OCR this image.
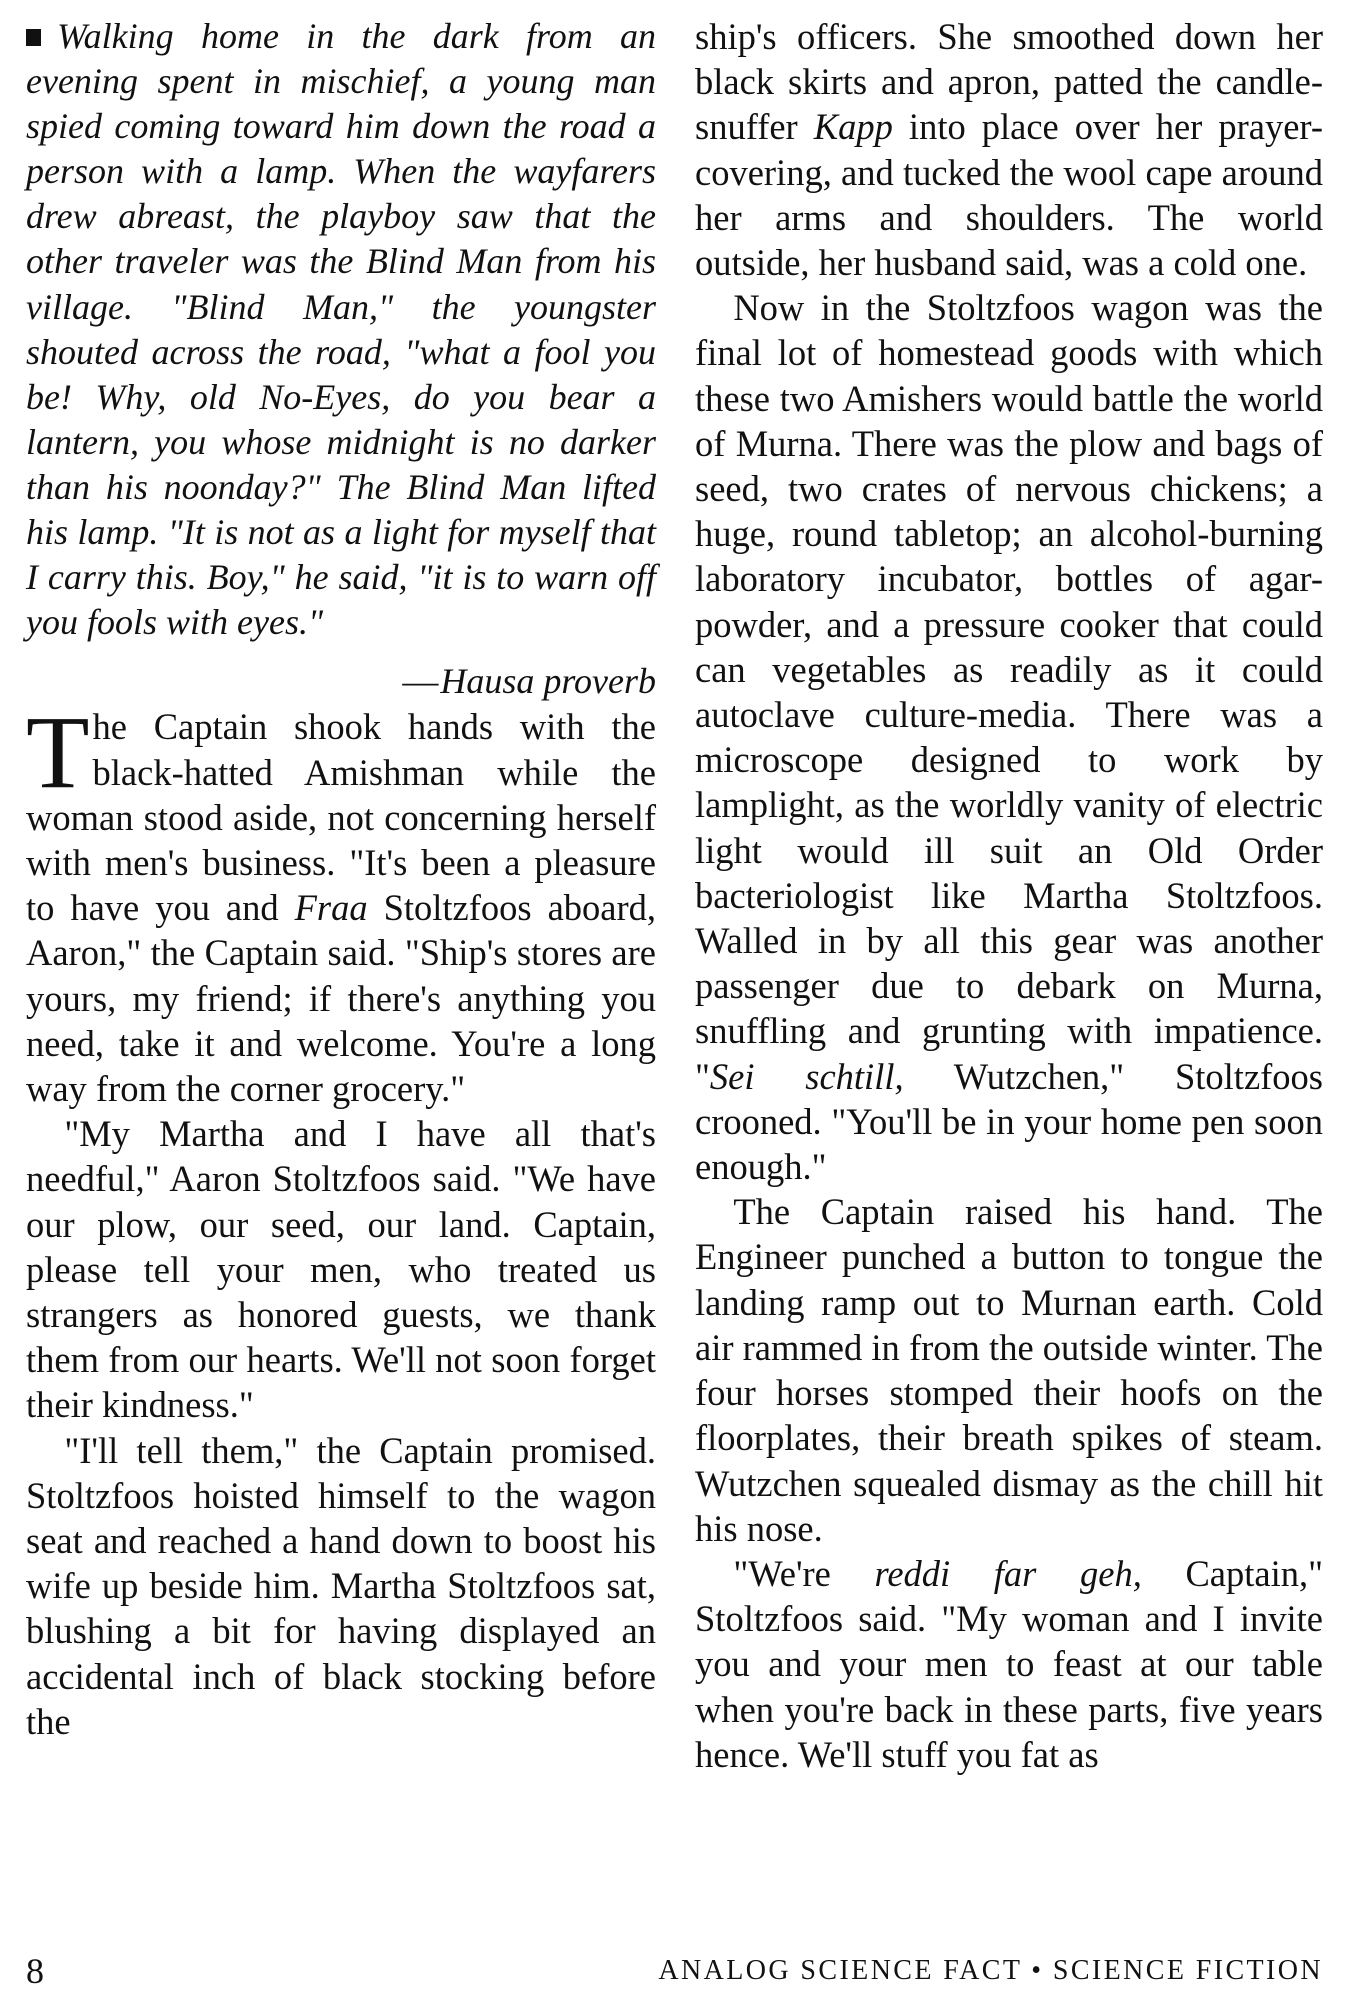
Walking home in the dark from an evening spent in mischief, a young man spied coming toward him down the road a person with a lamp. When the wayfarers drew abreast, the playboy saw that the other traveler was the Blind Man from his village. "Blind Man," the youngster shouted across the road, "what a fool you be! Why, old No-Eyes, do you bear a lantern, you whose midnight is no darker than his noonday?" The Blind Man lifted his lamp. "It is not as a light for myself that I carry this. Boy," he said, "it is to warn off you fools with eyes."
—Hausa proverb

The Captain shook hands with the black-hatted Amishman while the woman stood aside, not concerning herself with men's business. "It's been a pleasure to have you and Fraa Stoltzfoos aboard, Aaron," the Captain said. "Ship's stores are yours, my friend; if there's anything you need, take it and welcome. You're a long way from the corner grocery."

"My Martha and I have all that's needful," Aaron Stoltzfoos said. "We have our plow, our seed, our land. Captain, please tell your men, who treated us strangers as honored guests, we thank them from our hearts. We'll not soon forget their kindness."

"I'll tell them," the Captain promised. Stoltzfoos hoisted himself to the wagon seat and reached a hand down to boost his wife up beside him. Martha Stoltzfoos sat, blushing a bit for having displayed an accidental inch of black stocking before the

ship's officers. She smoothed down her black skirts and apron, patted the candle-snuffer Kapp into place over her prayer-covering, and tucked the wool cape around her arms and shoulders. The world outside, her husband said, was a cold one.

Now in the Stoltzfoos wagon was the final lot of homestead goods with which these two Amishers would battle the world of Murna. There was the plow and bags of seed, two crates of nervous chickens; a huge, round tabletop; an alcohol-burning laboratory incubator, bottles of agar-powder, and a pressure cooker that could can vegetables as readily as it could autoclave culture-media. There was a microscope designed to work by lamplight, as the worldly vanity of electric light would ill suit an Old Order bacteriologist like Martha Stoltzfoos. Walled in by all this gear was another passenger due to debark on Murna, snuffling and grunting with impatience. "Sei schtill, Wutzchen," Stoltzfoos crooned. "You'll be in your home pen soon enough."

The Captain raised his hand. The Engineer punched a button to tongue the landing ramp out to Murnan earth. Cold air rammed in from the outside winter. The four horses stomped their hoofs on the floorplates, their breath spikes of steam. Wutzchen squealed dismay as the chill hit his nose.

"We're reddi far geh, Captain," Stoltzfoos said. "My woman and I invite you and your men to feast at our table when you're back in these parts, five years hence. We'll stuff you fat as

8	ANALOG SCIENCE FACT • SCIENCE FICTION
